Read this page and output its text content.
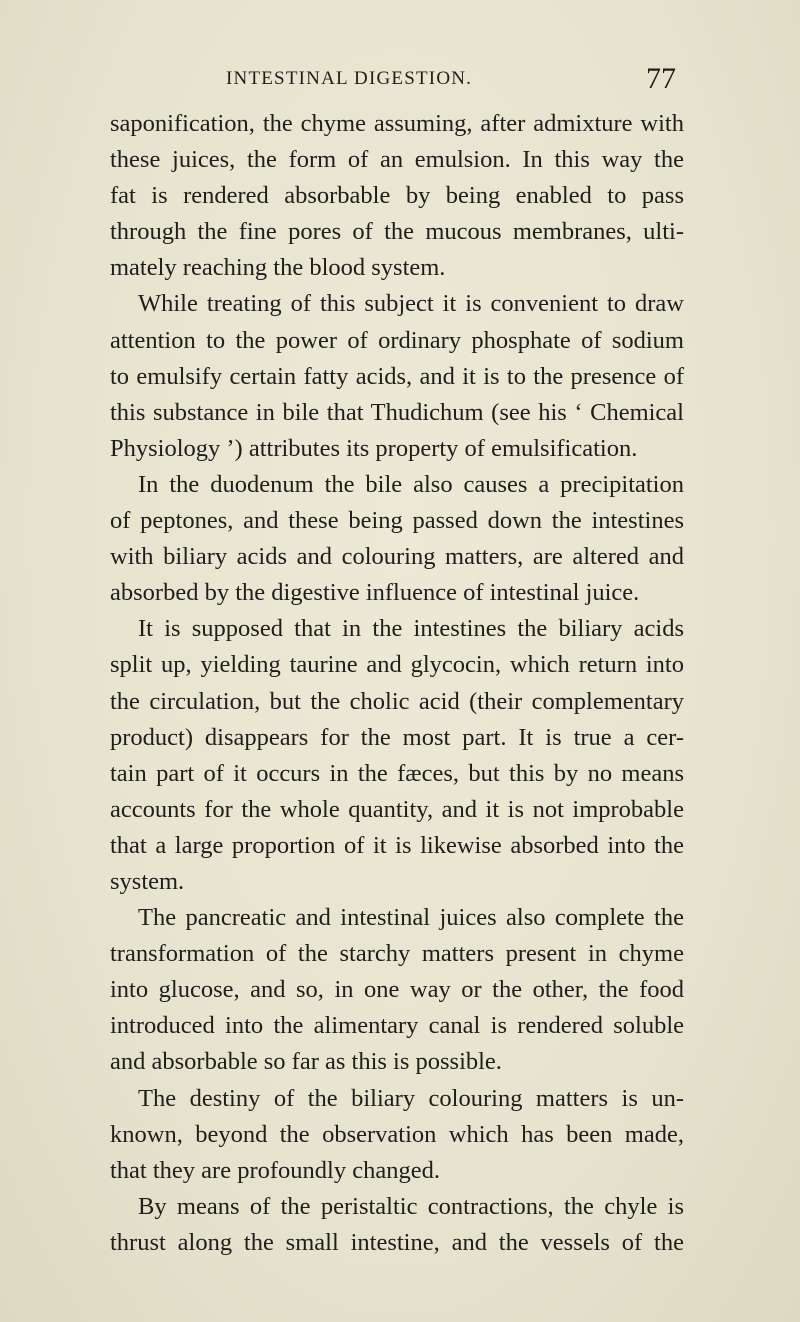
INTESTINAL DIGESTION.	77
saponification, the chyme assuming, after admixture with
these juices, the form of an emulsion. In this way the
fat is rendered absorbable by being enabled to pass
through the fine pores of the mucous membranes, ulti-
mately reaching the blood system.
While treating of this subject it is convenient to draw
attention to the power of ordinary phosphate of sodium
to emulsify certain fatty acids, and it is to the presence of
this substance in bile that Thudichum (see his ‘ Chemical
Physiology ’) attributes its property of emulsification.
In the duodenum the bile also causes a precipitation
of peptones, and these being passed down the intestines
with biliary acids and colouring matters, are altered and
absorbed by the digestive influence of intestinal juice.
It is supposed that in the intestines the biliary acids
split up, yielding taurine and glycocin, which return into
the circulation, but the cholic acid (their complementary
product) disappears for the most part. It is true a cer-
tain part of it occurs in the fæces, but this by no means
accounts for the whole quantity, and it is not improbable
that a large proportion of it is likewise absorbed into the
system.
The pancreatic and intestinal juices also complete the
transformation of the starchy matters present in chyme
into glucose, and so, in one way or the other, the food
introduced into the alimentary canal is rendered soluble
and absorbable so far as this is possible.
The destiny of the biliary colouring matters is un-
known, beyond the observation which has been made,
that they are profoundly changed.
By means of the peristaltic contractions, the chyle is
thrust along the small intestine, and the vessels of the
